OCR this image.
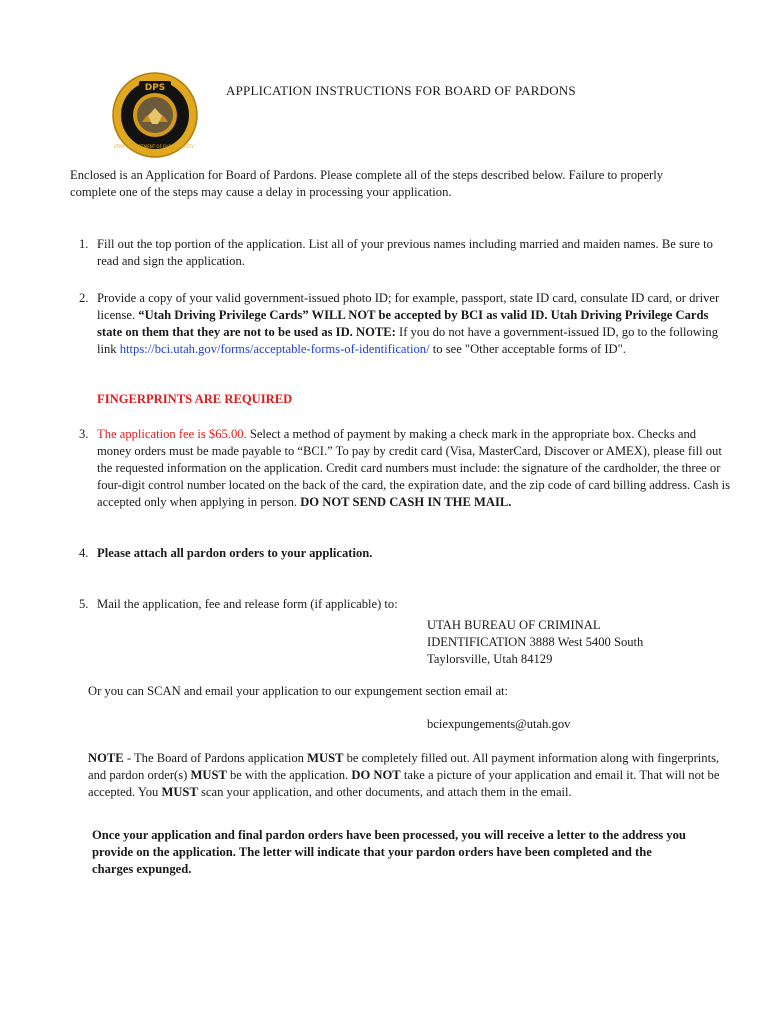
DPS
UTAH · DEPARTMENT OF PUBLIC SAFETY ·
APPLICATION INSTRUCTIONS FOR BOARD OF PARDONS
Enclosed is an Application for Board of Pardons. Please complete all of the steps described below. Failure to properly complete one of the steps may cause a delay in processing your application.
1. Fill out the top portion of the application. List all of your previous names including married and maiden names. Be sure to read and sign the application.
2. Provide a copy of your valid government-issued photo ID; for example, passport, state ID card, consulate ID card, or driver license. “Utah Driving Privilege Cards” WILL NOT be accepted by BCI as valid ID. Utah Driving Privilege Cards state on them that they are not to be used as ID. NOTE: If you do not have a government-issued ID, go to the following link https://bci.utah.gov/forms/acceptable-forms-of-identification/ to see "Other acceptable forms of ID".
FINGERPRINTS ARE REQUIRED
3. The application fee is $65.00. Select a method of payment by making a check mark in the appropriate box. Checks and money orders must be made payable to “BCI.” To pay by credit card (Visa, MasterCard, Discover or AMEX), please fill out the requested information on the application. Credit card numbers must include: the signature of the cardholder, the three or four-digit control number located on the back of the card, the expiration date, and the zip code of card billing address. Cash is accepted only when applying in person. DO NOT SEND CASH IN THE MAIL.
4. Please attach all pardon orders to your application.
5. Mail the application, fee and release form (if applicable) to:
UTAH BUREAU OF CRIMINAL
IDENTIFICATION 3888 West 5400 South
Taylorsville, Utah 84129
Or you can SCAN and email your application to our expungement section email at:
bciexpungements@utah.gov
NOTE - The Board of Pardons application MUST be completely filled out. All payment information along with fingerprints, and pardon order(s) MUST be with the application. DO NOT take a picture of your application and email it. That will not be accepted. You MUST scan your application, and other documents, and attach them in the email.
Once your application and final pardon orders have been processed, you will receive a letter to the address you provide on the application. The letter will indicate that your pardon orders have been completed and the charges expunged.
